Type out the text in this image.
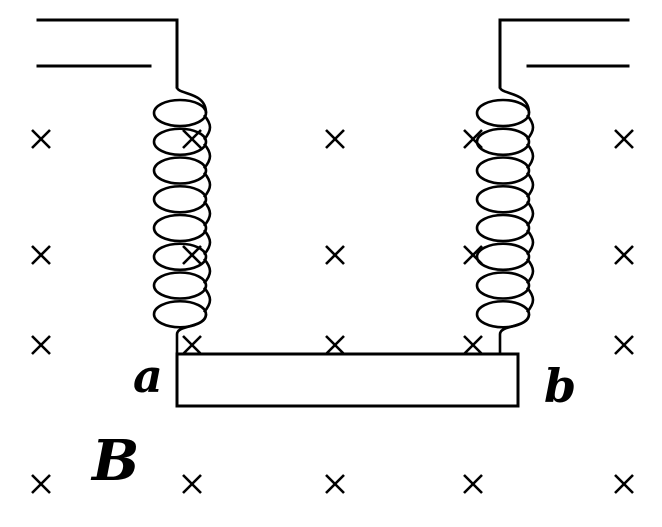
a	b
B
